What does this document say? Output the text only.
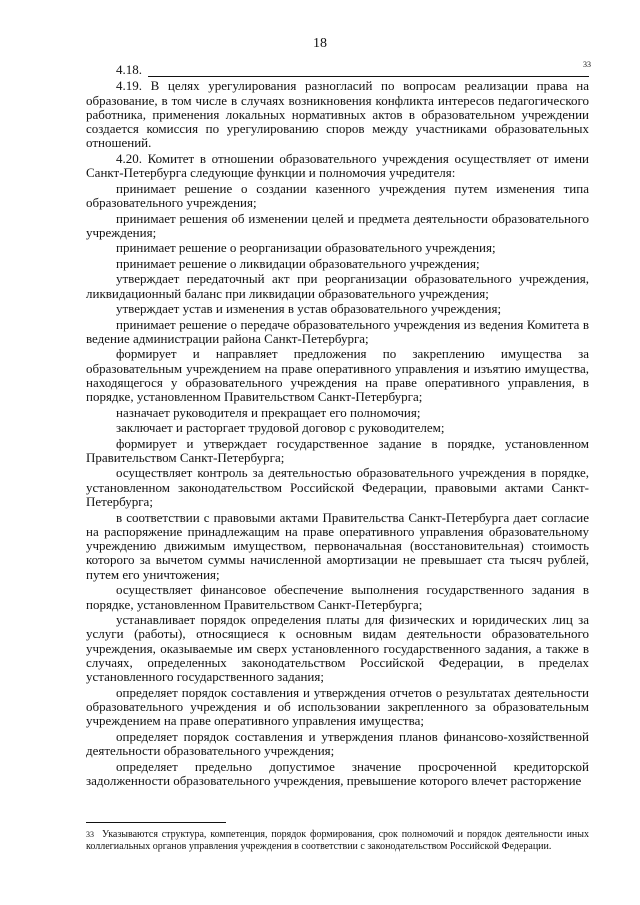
18
4.18.	33

4.19. В целях урегулирования разногласий по вопросам реализации права на образование, в том числе в случаях возникновения конфликта интересов педагогического работника, применения локальных нормативных актов в образовательном учреждении создается комиссия по урегулированию споров между участниками образовательных отношений.

4.20. Комитет в отношении образовательного учреждения осуществляет от имени Санкт-Петербурга следующие функции и полномочия учредителя:

принимает решение о создании казенного учреждения путем изменения типа образовательного учреждения;

принимает решения об изменении целей и предмета деятельности образовательного учреждения;

принимает решение о реорганизации образовательного учреждения;

принимает решение о ликвидации образовательного учреждения;

утверждает передаточный акт при реорганизации образовательного учреждения, ликвидационный баланс при ликвидации образовательного учреждения;

утверждает устав и изменения в устав образовательного учреждения;

принимает решение о передаче образовательного учреждения из ведения Комитета в ведение администрации района Санкт-Петербурга;

формирует и направляет предложения по закреплению имущества за образовательным учреждением на праве оперативного управления и изъятию имущества, находящегося у образовательного учреждения на праве оперативного управления, в порядке, установленном Правительством Санкт-Петербурга;

назначает руководителя и прекращает его полномочия;

заключает и расторгает трудовой договор с руководителем;

формирует и утверждает государственное задание в порядке, установленном Правительством Санкт-Петербурга;

осуществляет контроль за деятельностью образовательного учреждения в порядке, установленном законодательством Российской Федерации, правовыми актами Санкт-Петербурга;

в соответствии с правовыми актами Правительства Санкт-Петербурга дает согласие на распоряжение принадлежащим на праве оперативного управления образовательному учреждению движимым имуществом, первоначальная (восстановительная) стоимость которого за вычетом суммы начисленной амортизации не превышает ста тысяч рублей, путем его уничтожения;

осуществляет финансовое обеспечение выполнения государственного задания в порядке, установленном Правительством Санкт-Петербурга;

устанавливает порядок определения платы для физических и юридических лиц за услуги (работы), относящиеся к основным видам деятельности образовательного учреждения, оказываемые им сверх установленного государственного задания, а также в случаях, определенных законодательством Российской Федерации, в пределах установленного государственного задания;

определяет порядок составления и утверждения отчетов о результатах деятельности образовательного учреждения и об использовании закрепленного за образовательным учреждением на праве оперативного управления имущества;

определяет порядок составления и утверждения планов финансово-хозяйственной деятельности образовательного учреждения;

определяет предельно допустимое значение просроченной кредиторской задолженности образовательного учреждения, превышение которого влечет расторжение

$^{33}$ Указываются структура, компетенция, порядок формирования, срок полномочий и порядок деятельности иных коллегиальных органов управления учреждения в соответствии с законодательством Российской Федерации.
